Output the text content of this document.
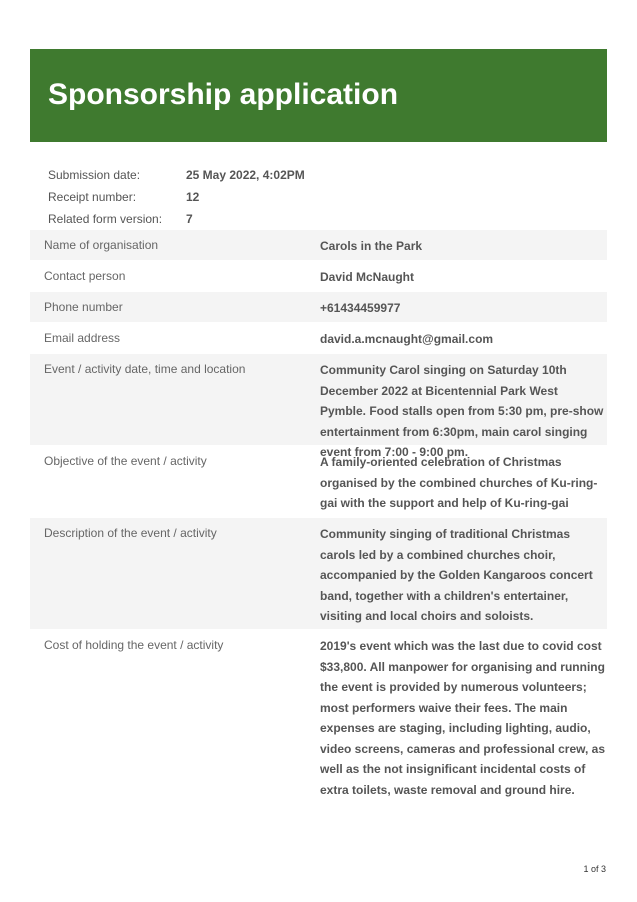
Sponsorship application
Submission date:	25 May 2022, 4:02PM
Receipt number:	12
Related form version:	7
Name of organisation	Carols in the Park
Contact person	David McNaught
Phone number	+61434459977
Email address	david.a.mcnaught@gmail.com
Event / activity date, time and location	Community Carol singing on Saturday 10th December 2022 at Bicentennial Park West Pymble. Food stalls open from 5:30 pm, pre-show entertainment from 6:30pm, main carol singing event from 7:00 - 9:00 pm.
Objective of the event / activity	A family-oriented celebration of Christmas organised by the combined churches of Ku-ring-gai with the support and help of Ku-ring-gai
Description of the event / activity	Community singing of traditional Christmas carols led by a combined churches choir, accompanied by the Golden Kangaroos concert band, together with a children's entertainer, visiting and local choirs and soloists.
Cost of holding the event / activity	2019's event which was the last due to covid cost $33,800. All manpower for organising and running the event is provided by numerous volunteers; most performers waive their fees. The main expenses are staging, including lighting, audio, video screens, cameras and professional crew, as well as the not insignificant incidental costs of extra toilets, waste removal and ground hire.
1 of 3
